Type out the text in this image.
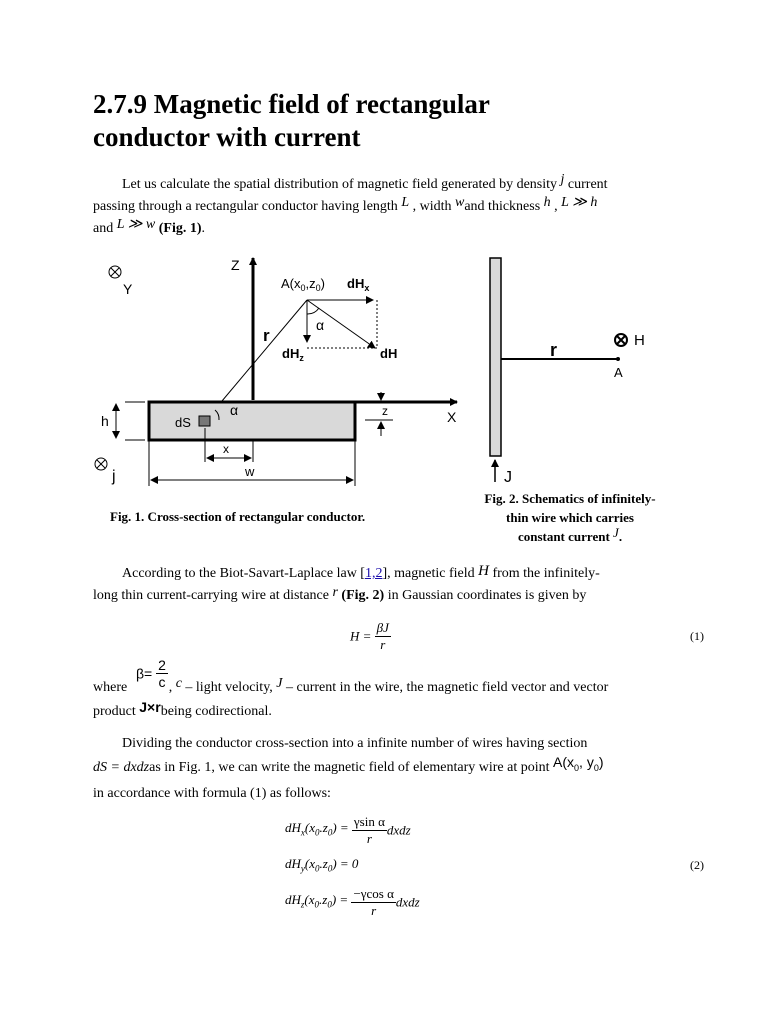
2.7.9 Magnetic field of rectangular
conductor with current
Let us calculate the spatial distribution of magnetic field generated by density j current
passing through a rectangular conductor having length L , width wand thickness h , L ≫ h
and L ≫ w (Fig. 1).
Y
Z
X
$A(x_0,z_0)$ $dH_x$
α
r
$dH_z$	dH
h	dS
α	z
x
w
j
Fig. 1. Cross-section of rectangular conductor.
r	H
A
J
Fig. 2. Schematics of infinitely-
thin wire which carries
constant current J.
According to the Biot-Savart-Laplace law [1,2], magnetic field H from the infinitely-
long thin current-carrying wire at distance r (Fig. 2) in Gaussian coordinates is given by
$H = \frac{\beta J}{r}$	(1)
$\beta= \frac{2}{c}$
where	, c – light velocity, J – current in the wire, the magnetic field vector and vector
product J×rbeing codirectional.
Dividing the conductor cross-section into a infinite number of wires having section
dS = dxdzas in Fig. 1, we can write the magnetic field of elementary wire at point $A(x_0$, $y_0$)
in accordance with formula (1) as follows:
$dH_x(x_0.z_0) = \frac{\text{γsin α}}{r}$ dxdz
$dH_y(x_0.z_0) = 0$
$dH_z(x_0.z_0) = \frac{\text{−γcos α}}{r}$ dxdz
(2)
